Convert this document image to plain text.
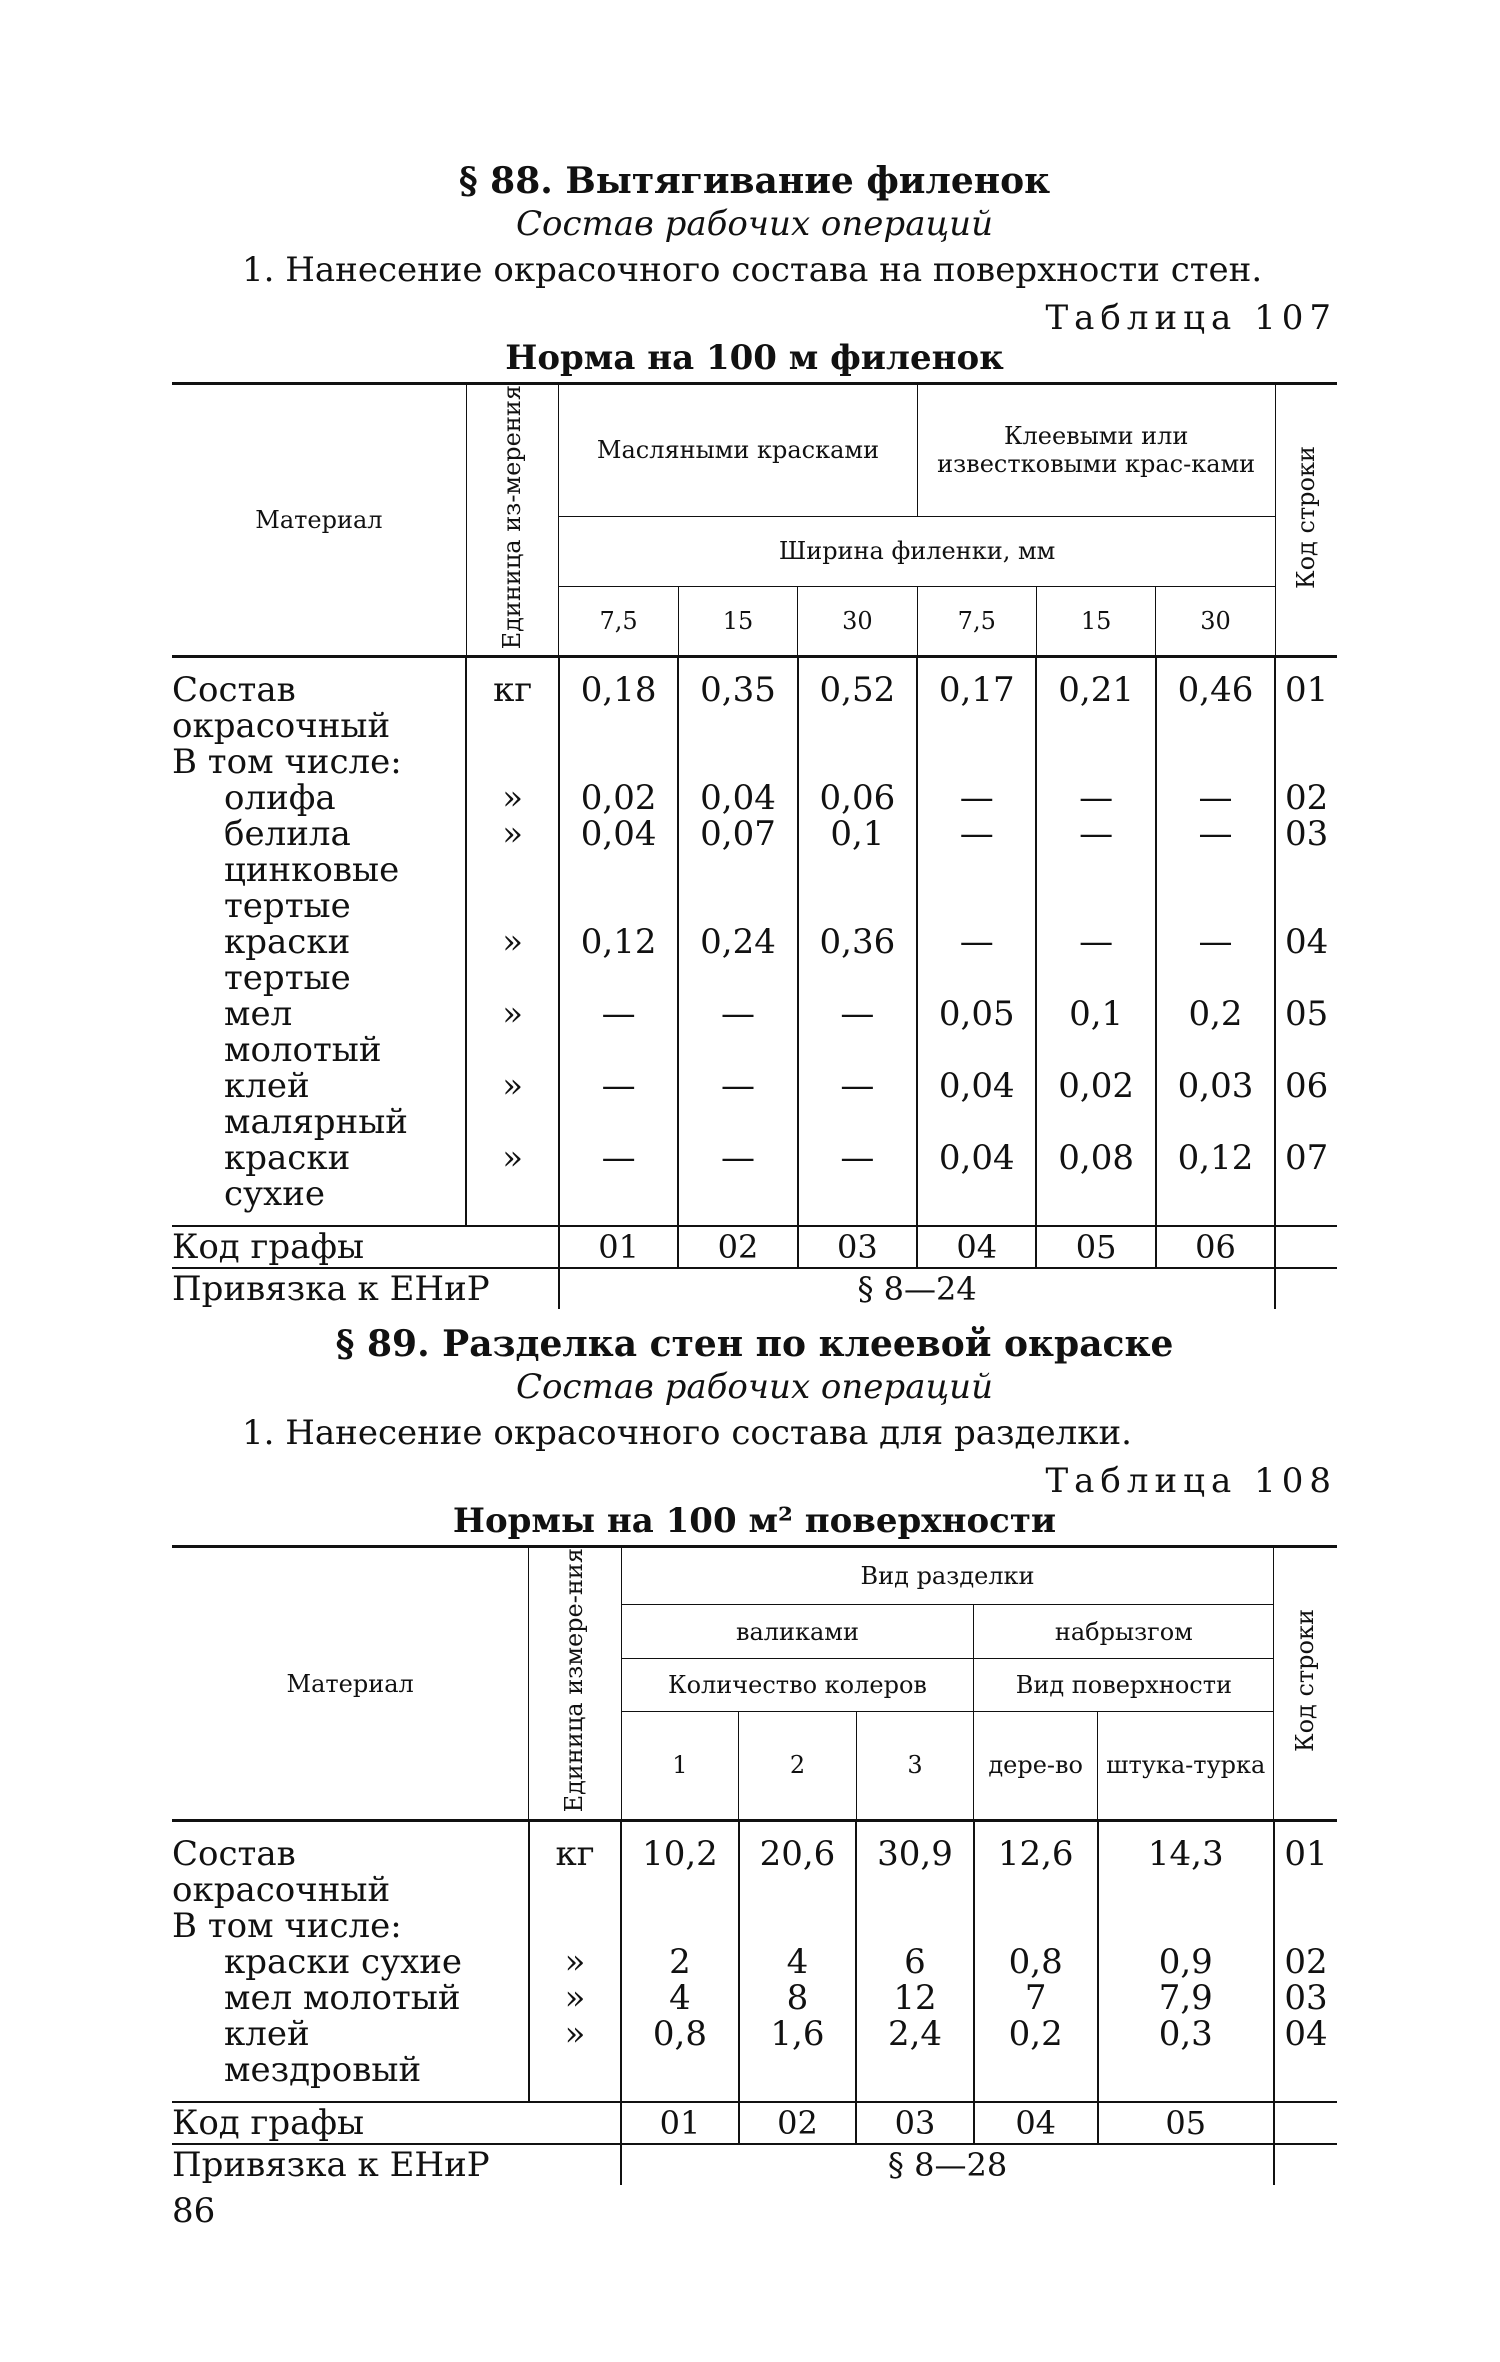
§ 88. Вытягивание филенок

Состав рабочих операций

1. Нанесение окрасочного состава на поверхности стен.

Таблица 107

Норма на 100 м филенок

Материал	Единица из-мерения	Масляными красками			Клеевыми или известковыми крас-ками			Код строки
		Ширина филенки, мм						
		7,5	15	30	7,5	15	30	
Состав окрасочный	кг	0,18	0,35	0,52	0,17	0,21	0,46	01
В том числе:								
олифа	»	0,02	0,04	0,06	—	—	—	02
белила цинковые тертые	»	0,04	0,07	0,1	—	—	—	03
краски тертые	»	0,12	0,24	0,36	—	—	—	04
мел молотый	»	—	—	—	0,05	0,1	0,2	05
клей малярный	»	—	—	—	0,04	0,02	0,03	06
краски сухие	»	—	—	—	0,04	0,08	0,12	07

Код графы		01	02	03	04	05	06	
Привязка к ЕНиР		§ 8—24						

§ 89. Разделка стен по клеевой окраске

Состав рабочих операций

1. Нанесение окрасочного состава для разделки.

Таблица 108

Нормы на 100 м² поверхности

Материал	Единица измере-ния	Вид разделки					Код строки
		валиками			набрызгом		
		Количество колеров			Вид поверхности		
		1	2	3	дере-во	штука-турка	
Состав окрасочный	кг	10,2	20,6	30,9	12,6	14,3	01
В том числе:							
краски сухие	»	2	4	6	0,8	0,9	02
мел молотый	»	4	8	12	7	7,9	03
клей мездровый	»	0,8	1,6	2,4	0,2	0,3	04

Код графы		01	02	03	04	05	
Привязка к ЕНиР		§ 8—28					
86
